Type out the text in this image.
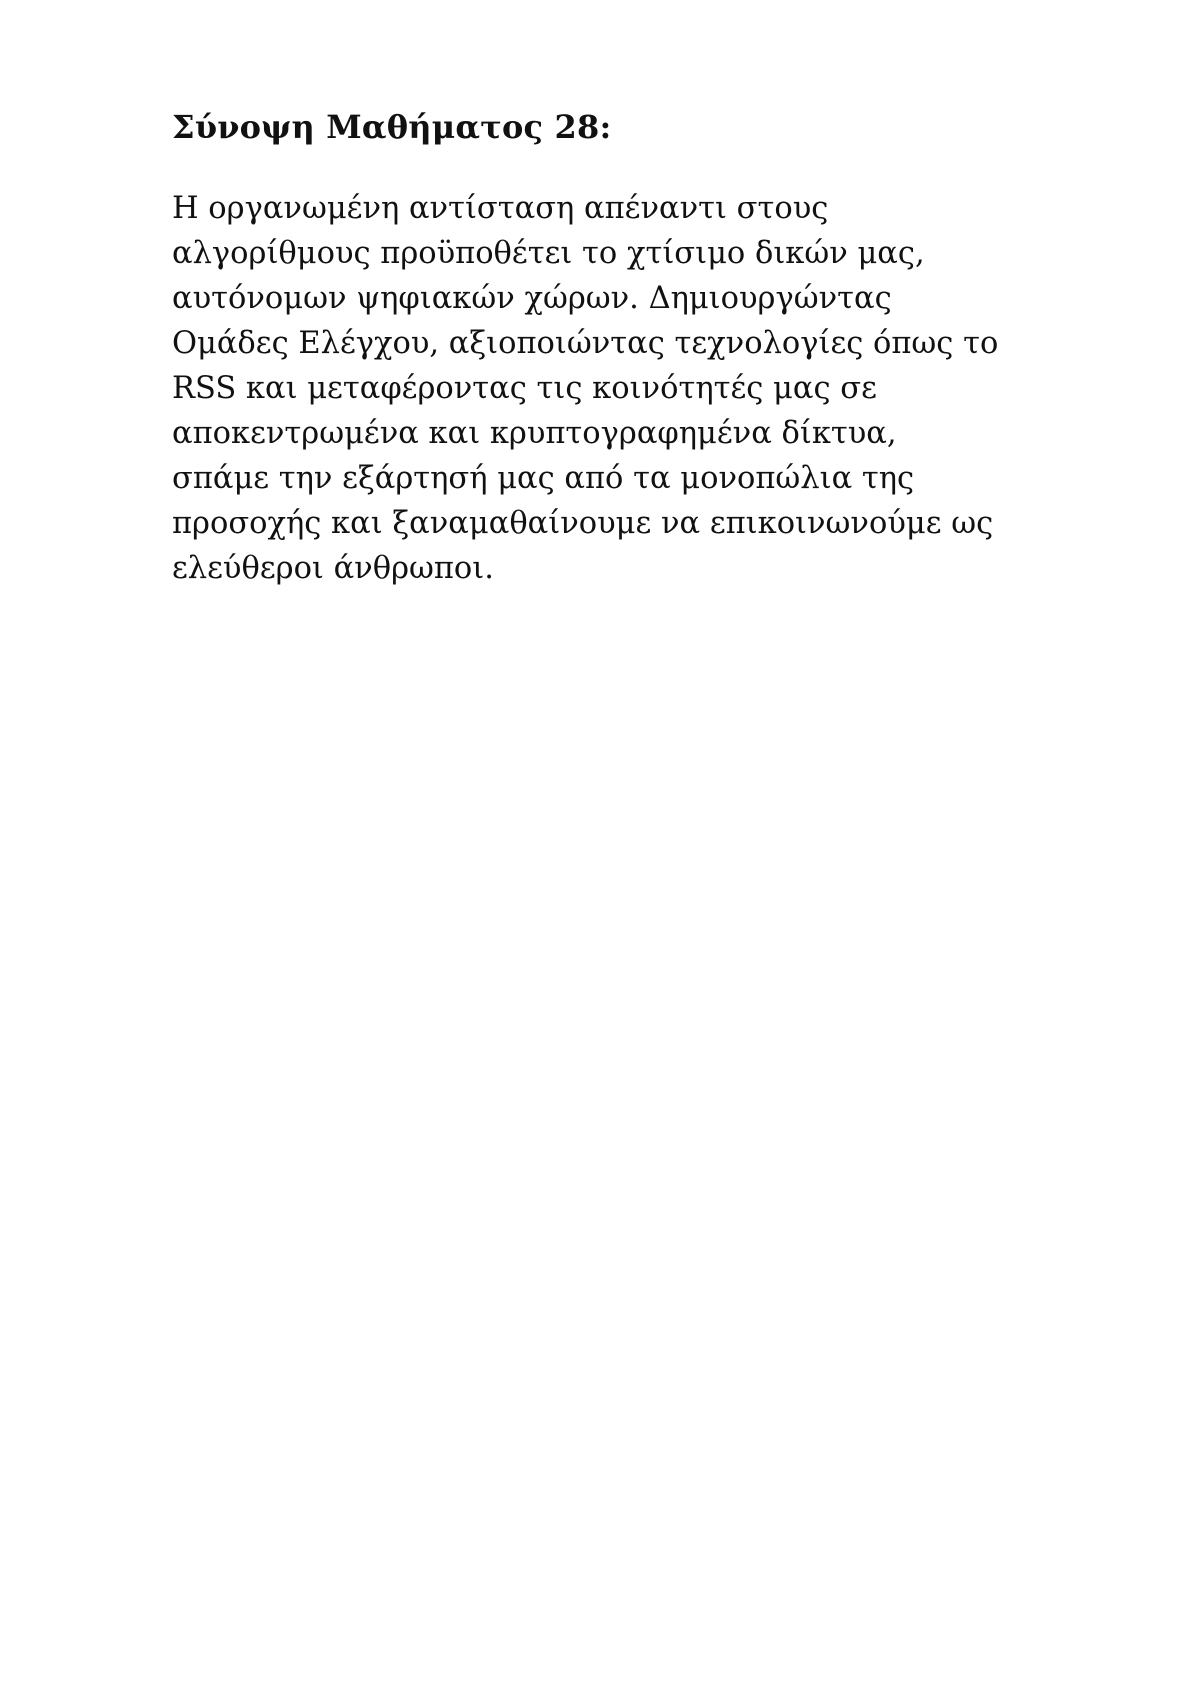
Σύνοψη Μαθήματος 28:

Η οργανωμένη αντίσταση απέναντι στους
αλγορίθμους προϋποθέτει το χτίσιμο δικών μας,
αυτόνομων ψηφιακών χώρων. Δημιουργώντας
Ομάδες Ελέγχου, αξιοποιώντας τεχνολογίες όπως το
RSS και μεταφέροντας τις κοινότητές μας σε
αποκεντρωμένα και κρυπτογραφημένα δίκτυα,
σπάμε την εξάρτησή μας από τα μονοπώλια της
προσοχής και ξαναμαθαίνουμε να επικοινωνούμε ως
ελεύθεροι άνθρωποι.
